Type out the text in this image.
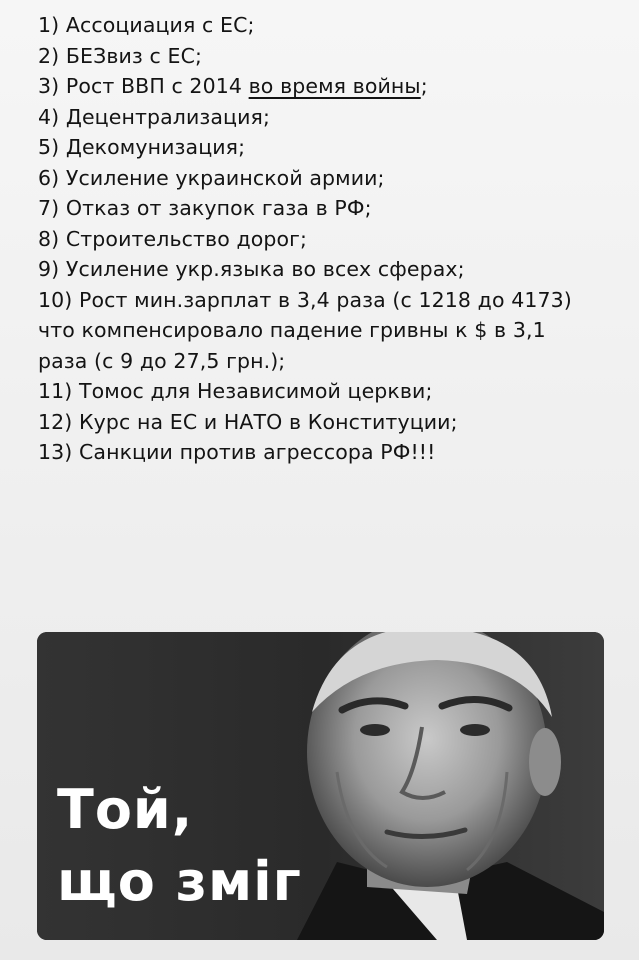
1) Ассоциация с ЕС;
2) БЕЗвиз с ЕС;
3) Рост ВВП с 2014 во время войны;
4) Децентрализация;
5) Декомунизация;
6) Усиление украинской армии;
7) Отказ от закупок газа в РФ;
8) Строительство дорог;
9) Усиление укр.языка во всех сферах;
10) Рост мин.зарплат в 3,4 раза (с 1218 до 4173) что компенсировало падение гривны к $ в 3,1 раза (с 9 до 27,5 грн.);
11) Томос для Независимой церкви;
12) Курс на ЕС и НАТО в Конституции;
13) Санкции против агрессора РФ!!!
Той,
що зміг
